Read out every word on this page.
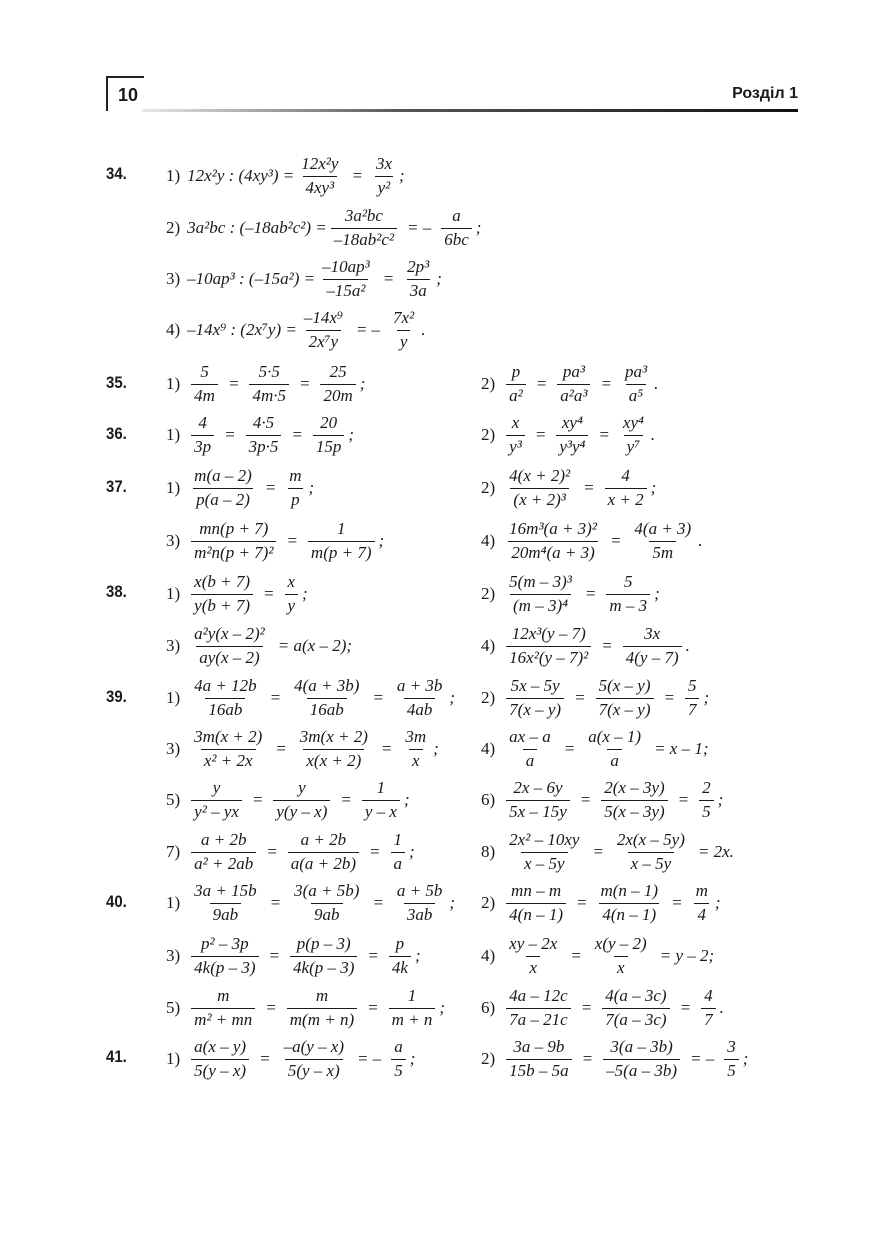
10	Розділ 1
34. 1) 12x²y : $(4xy^3) = \frac{\text{12x²y}}{\text{4xy³}} = \frac{3x}{\text{y²}}$ ;
2) 3a²bc : $(-18ab^2c^2) = \frac{\text{3a²bc}}{\text{–18ab²c²}}$ = – $\frac{a}{6bc}$ ;
3) –10ap³ : $(-15a^2) = \frac{\text{–10ap³}}{\text{–15a²}} = \frac{\text{2p³}}{3a}$ ;
4) –14x⁹ : $(2x^7y) = \frac{\text{–14x⁹}}{\text{2x⁷y}}$ = – $\frac{\text{7x²}}{y}$ .
35. $1) \frac{5}{4m} = \frac{5\cdot 5}{4m\cdot 5} = \frac{25}{20m}$ ;	$2) \frac{p}{\text{a²}} = \frac{\text{pa³}}{\text{a²a³}} = \frac{\text{pa³}}{\text{a⁵}}$ .
36. $1) \frac{4}{3p} = \frac{4\cdot 5}{3p\cdot 5} = \frac{20}{15p}$ ;	$2) \frac{x}{\text{y³}} = \frac{\text{xy⁴}}{\text{y³y⁴}} = \frac{\text{xy⁴}}{\text{y⁷}}$ .
37. $1) \frac{m(a - 2)}{p(a - 2)} = \frac{m}{p}$ ;	$2) \frac{\text{4(x + 2)²}}{\text{(x + 2)³}} = \frac{4}{x + 2}$ ;
$3) \frac{mn(p + 7)}{\text{m²n(p + 7)²}} = \frac{1}{m(p + 7)}$ ;	$4) \frac{\text{16m³(a + 3)²}}{\text{20m⁴(a + 3)}} = \frac{4(a + 3)}{5m}$ .
38. $1) \frac{x(b + 7)}{y(b + 7)} = \frac{x}{y}$ ;	$2) \frac{\text{5(m – 3)³}}{\text{(m – 3)⁴}} = \frac{5}{m - 3}$ ;
$3) \frac{\text{a²y(x – 2)²}}{ay(x - 2)} = a(x - 2)$;	$4) \frac{\text{12x³(y – 7)}}{\text{16x²(y – 7)²}} = \frac{3x}{4(y - 7)}$ .
39. $1) \frac{4a + 12b}{16ab} = \frac{4(a + 3b)}{16ab} = \frac{a + 3b}{4ab}$ ; $2) \frac{5x - 5y}{7(x - y)} = \frac{5(x - y)}{7(x - y)} = \frac{5}{7}$ ;
$3) \frac{3m(x + 2)}{\text{x² + 2x}} = \frac{3m(x + 2)}{x(x + 2)} = \frac{3m}{x}$ ; $4) \frac{ax - a}{a} = \frac{a(x - 1)}{a} = x - 1$;
$5) \frac{y}{\text{y² – yx}} = \frac{y}{y(y - x)} = \frac{1}{y - x}$ ;	$6) \frac{2x - 6y}{5x - 15y} = \frac{2(x - 3y)}{5(x - 3y)} = \frac{2}{5}$ ;
$7) \frac{a + 2b}{\text{a² + 2ab}} = \frac{a + 2b}{a(a + 2b)} = \frac{1}{a}$ ;	$8) \frac{\text{2x² – 10xy}}{x - 5y} = \frac{2x(x - 5y)}{x - 5y} = 2x$.
40. $1) \frac{3a + 15b}{9ab} = \frac{3(a + 5b)}{9ab} = \frac{a + 5b}{3ab}$ ; $2) \frac{mn - m}{4(n - 1)} = \frac{m(n - 1)}{4(n - 1)} = \frac{m}{4}$ ;
$3) \frac{\text{p² – 3p}}{4k(p - 3)} = \frac{p(p - 3)}{4k(p - 3)} = \frac{p}{4k}$ ;	$4) \frac{xy - 2x}{x} = \frac{x(y - 2)}{x} = y - 2$;
$5) \frac{m}{\text{m² + mn}} = \frac{m}{m(m + n)} = \frac{1}{m + n}$ ; $6) \frac{4a - 12c}{7a - 21c} = \frac{4(a - 3c)}{7(a - 3c)} = \frac{4}{7}$ .
41. $1) \frac{a(x - y)}{5(y - x)} = \frac{-a(y - x)}{5(y - x)}$ = – $\frac{a}{5}$ ;	$2) \frac{3a - 9b}{15b - 5a} = \frac{3(a - 3b)}{-5(a - 3b)}$ = – $\frac{3}{5}$ ;
